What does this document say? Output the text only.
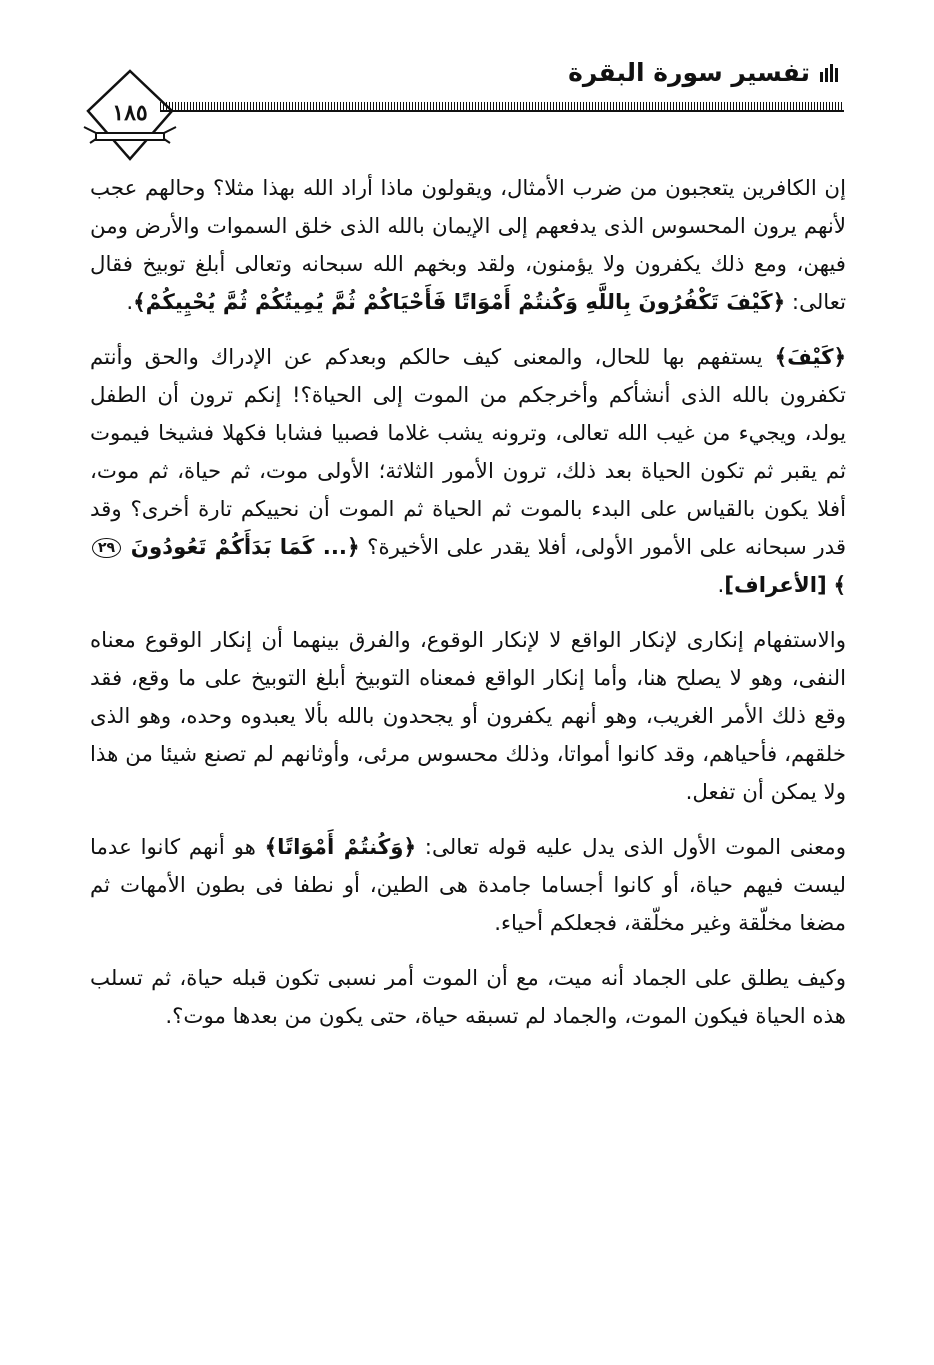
تفسير سورة البقرة
١٨٥

إن الكافرين يتعجبون من ضرب الأمثال، ويقولون ماذا أراد الله بهذا مثلا؟ وحالهم عجب لأنهم يرون المحسوس الذى يدفعهم إلى الإيمان بالله الذى خلق السموات والأرض ومن فيهن، ومع ذلك يكفرون ولا يؤمنون، ولقد وبخهم الله سبحانه وتعالى أبلغ توبيخ فقال تعالى: ﴿كَيْفَ تَكْفُرُونَ بِاللَّهِ وَكُنتُمْ أَمْوَاتًا فَأَحْيَاكُمْ ثُمَّ يُمِيتُكُمْ ثُمَّ يُحْيِيكُمْ﴾.

﴿كَيْفَ﴾ يستفهم بها للحال، والمعنى كيف حالكم وبعدكم عن الإدراك والحق وأنتم تكفرون بالله الذى أنشأكم وأخرجكم من الموت إلى الحياة؟! إنكم ترون أن الطفل يولد، ويجيء من غيب الله تعالى، وترونه يشب غلاما فصبيا فشابا فكهلا فشيخا فيموت ثم يقبر ثم تكون الحياة بعد ذلك، ترون الأمور الثلاثة؛ الأولى موت، ثم حياة، ثم موت، أفلا يكون بالقياس على البدء بالموت ثم الحياة ثم الموت أن نحييكم تارة أخرى؟ وقد قدر سبحانه على الأمور الأولى، أفلا يقدر على الأخيرة؟ ﴿... كَمَا بَدَأَكُمْ تَعُودُونَ ٢٩﴾ [الأعراف].

والاستفهام إنكارى لإنكار الواقع لا لإنكار الوقوع، والفرق بينهما أن إنكار الوقوع معناه النفى، وهو لا يصلح هنا، وأما إنكار الواقع فمعناه التوبيخ أبلغ التوبيخ على ما وقع، فقد وقع ذلك الأمر الغريب، وهو أنهم يكفرون أو يجحدون بالله بألا يعبدوه وحده، وهو الذى خلقهم، فأحياهم، وقد كانوا أمواتا، وذلك محسوس مرئى، وأوثانهم لم تصنع شيئا من هذا ولا يمكن أن تفعل.

ومعنى الموت الأول الذى يدل عليه قوله تعالى: ﴿وَكُنتُمْ أَمْوَاتًا﴾ هو أنهم كانوا عدما ليست فيهم حياة، أو كانوا أجساما جامدة هى الطين، أو نطفا فى بطون الأمهات ثم مضغا مخلّقة وغير مخلّقة، فجعلكم أحياء.

وكيف يطلق على الجماد أنه ميت، مع أن الموت أمر نسبى تكون قبله حياة، ثم تسلب هذه الحياة فيكون الموت، والجماد لم تسبقه حياة، حتى يكون من بعدها موت؟.
